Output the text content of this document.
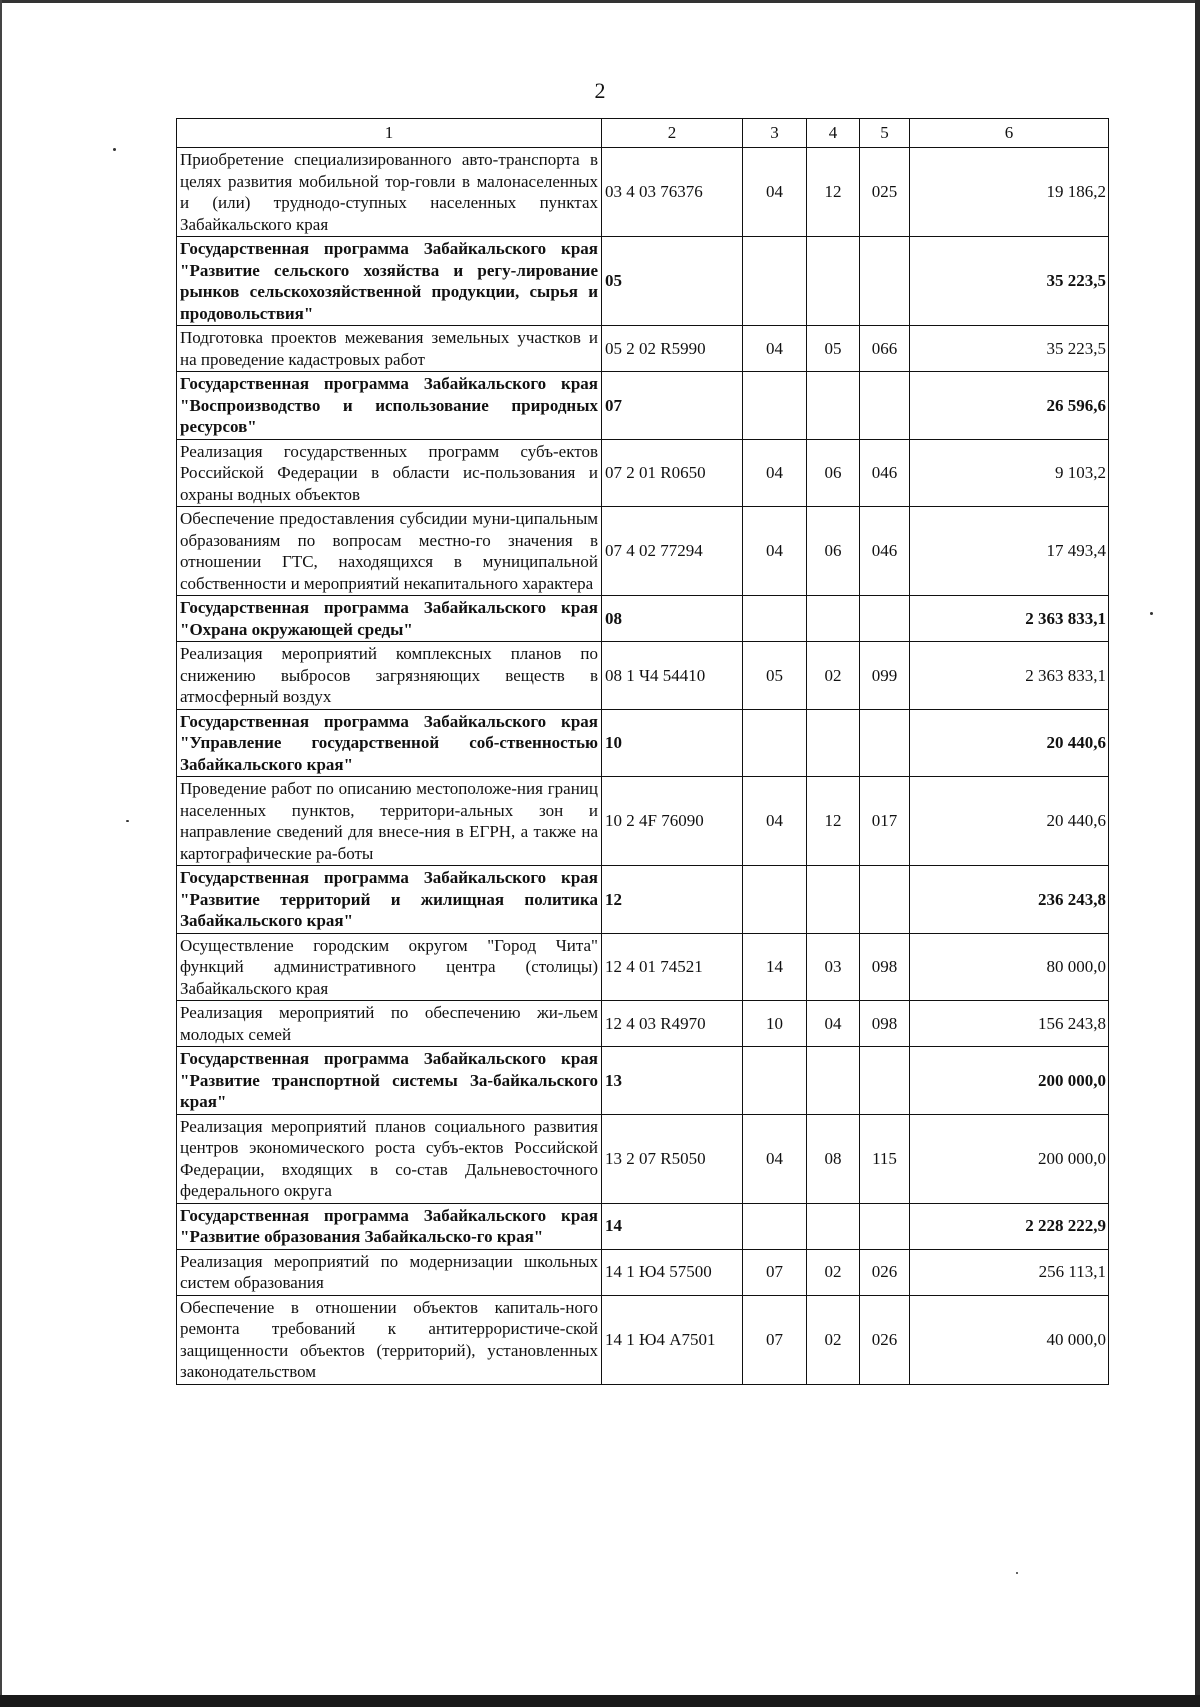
2
1	2	3	4	5	6
Приобретение специализированного авто-транспорта в целях развития мобильной тор-говли в малонаселенных и (или) труднодо-ступных населенных пунктах Забайкальского края	03 4 03 76376	04	12	025	19 186,2
Государственная программа Забайкальского края "Развитие сельского хозяйства и регу-лирование рынков сельскохозяйственной продукции, сырья и продовольствия"	05				35 223,5
Подготовка проектов межевания земельных участков и на проведение кадастровых работ	05 2 02 R5990	04	05	066	35 223,5
Государственная программа Забайкальского края "Воспроизводство и использование природных ресурсов"	07				26 596,6
Реализация государственных программ субъ-ектов Российской Федерации в области ис-пользования и охраны водных объектов	07 2 01 R0650	04	06	046	9 103,2
Обеспечение предоставления субсидии муни-ципальным образованиям по вопросам местно-го значения в отношении ГТС, находящихся в муниципальной собственности и мероприятий некапитального характера	07 4 02 77294	04	06	046	17 493,4
Государственная программа Забайкальского края "Охрана окружающей среды"	08				2 363 833,1
Реализация мероприятий комплексных планов по снижению выбросов загрязняющих веществ в атмосферный воздух	08 1 Ч4 54410	05	02	099	2 363 833,1
Государственная программа Забайкальского края "Управление государственной соб-ственностью Забайкальского края"	10				20 440,6
Проведение работ по описанию местоположе-ния границ населенных пунктов, территори-альных зон и направление сведений для внесе-ния в ЕГРН, а также на картографические ра-боты	10 2 4F 76090	04	12	017	20 440,6
Государственная программа Забайкальского края "Развитие территорий и жилищная политика Забайкальского края"	12				236 243,8
Осуществление городским округом "Город Чита" функций административного центра (столицы) Забайкальского края	12 4 01 74521	14	03	098	80 000,0
Реализация мероприятий по обеспечению жи-льем молодых семей	12 4 03 R4970	10	04	098	156 243,8
Государственная программа Забайкальского края "Развитие транспортной системы За-байкальского края"	13				200 000,0
Реализация мероприятий планов социального развития центров экономического роста субъ-ектов Российской Федерации, входящих в со-став Дальневосточного федерального округа	13 2 07 R5050	04	08	115	200 000,0
Государственная программа Забайкальского края "Развитие образования Забайкальско-го края"	14				2 228 222,9
Реализация мероприятий по модернизации школьных систем образования	14 1 Ю4 57500	07	02	026	256 113,1
Обеспечение в отношении объектов капиталь-ного ремонта требований к антитеррористиче-ской защищенности объектов (территорий), установленных законодательством	14 1 Ю4 А7501	07	02	026	40 000,0
